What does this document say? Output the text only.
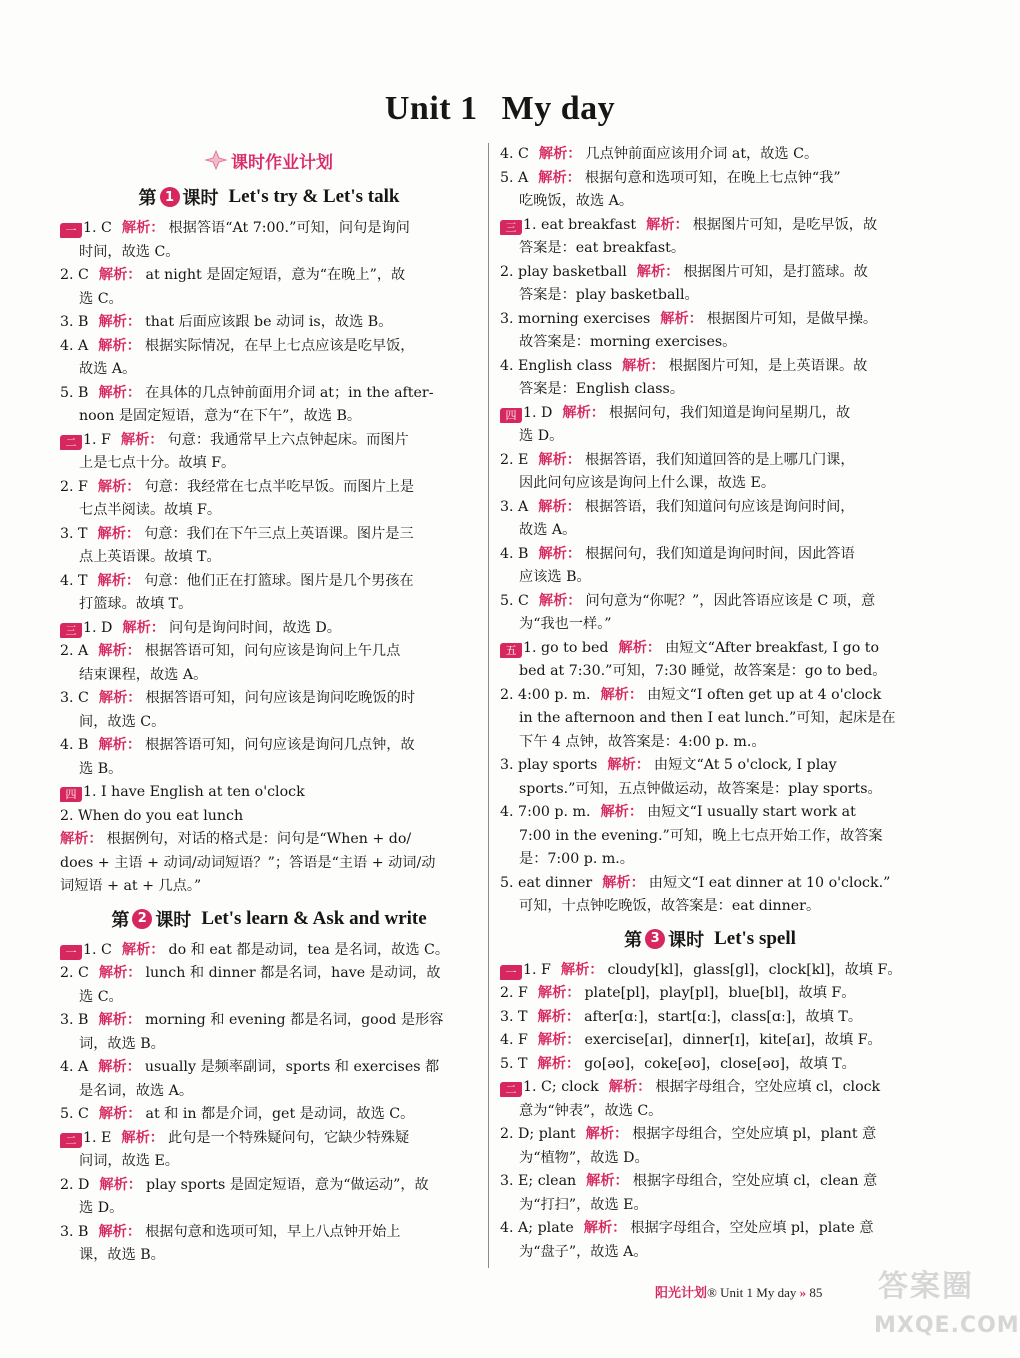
Unit 1 My day
课时作业计划
第 1 课时 Let's try & Let's talk
一 1. C 解析： 根据答语“At 7:00.”可知，问句是询问
时间，故选 C。
2. C 解析： at night 是固定短语，意为“在晚上”，故
选 C。
3. B 解析： that 后面应该跟 be 动词 is，故选 B。
4. A 解析： 根据实际情况，在早上七点应该是吃早饭，
故选 A。
5. B 解析： 在具体的几点钟前面用介词 at；in the after-
noon 是固定短语，意为“在下午”，故选 B。
二 1. F 解析： 句意：我通常早上六点钟起床。而图片
上是七点十分。故填 F。
2. F 解析： 句意：我经常在七点半吃早饭。而图片上是
七点半阅读。故填 F。
3. T 解析： 句意：我们在下午三点上英语课。图片是三
点上英语课。故填 T。
4. T 解析： 句意：他们正在打篮球。图片是几个男孩在
打篮球。故填 T。
三 1. D 解析： 问句是询问时间，故选 D。
2. A 解析： 根据答语可知，问句应该是询问上午几点
结束课程，故选 A。
3. C 解析： 根据答语可知，问句应该是询问吃晚饭的时
间，故选 C。
4. B 解析： 根据答语可知，问句应该是询问几点钟，故
选 B。
四 1. I have English at ten o'clock
2. When do you eat lunch
解析： 根据例句，对话的格式是：问句是“When + do/
does + 主语 + 动词/动词短语？”；答语是“主语 + 动词/动
词短语 + at + 几点。”
第 2 课时 Let's learn & Ask and write
一 1. C 解析： do 和 eat 都是动词，tea 是名词，故选 C。
2. C 解析： lunch 和 dinner 都是名词，have 是动词，故
选 C。
3. B 解析： morning 和 evening 都是名词，good 是形容
词，故选 B。
4. A 解析： usually 是频率副词，sports 和 exercises 都
是名词，故选 A。
5. C 解析： at 和 in 都是介词，get 是动词，故选 C。
二 1. E 解析： 此句是一个特殊疑问句，它缺少特殊疑
问词，故选 E。
2. D 解析： play sports 是固定短语，意为“做运动”，故
选 D。
3. B 解析： 根据句意和选项可知，早上八点钟开始上
课，故选 B。
4. C 解析： 几点钟前面应该用介词 at，故选 C。
5. A 解析： 根据句意和选项可知，在晚上七点钟“我”
吃晚饭，故选 A。
三 1. eat breakfast 解析： 根据图片可知，是吃早饭，故
答案是：eat breakfast。
2. play basketball 解析： 根据图片可知，是打篮球。故
答案是：play basketball。
3. morning exercises 解析： 根据图片可知，是做早操。
故答案是：morning exercises。
4. English class 解析： 根据图片可知，是上英语课。故
答案是：English class。
四 1. D 解析： 根据问句，我们知道是询问星期几，故
选 D。
2. E 解析： 根据答语，我们知道回答的是上哪几门课，
因此问句应该是询问上什么课，故选 E。
3. A 解析： 根据答语，我们知道问句应该是询问时间，
故选 A。
4. B 解析： 根据问句，我们知道是询问时间，因此答语
应该选 B。
5. C 解析： 问句意为“你呢？”，因此答语应该是 C 项，意
为“我也一样。”
五 1. go to bed 解析： 由短文“After breakfast, I go to
bed at 7:30.”可知，7:30 睡觉，故答案是：go to bed。
2. 4:00 p. m. 解析： 由短文“I often get up at 4 o'clock
in the afternoon and then I eat lunch.”可知，起床是在
下午 4 点钟，故答案是：4:00 p. m.。
3. play sports 解析： 由短文“At 5 o'clock, I play
sports.”可知，五点钟做运动，故答案是：play sports。
4. 7:00 p. m. 解析： 由短文“I usually start work at
7:00 in the evening.”可知，晚上七点开始工作，故答案
是：7:00 p. m.。
5. eat dinner 解析： 由短文“I eat dinner at 10 o'clock.”
可知，十点钟吃晚饭，故答案是：eat dinner。
第 3 课时 Let's spell
一 1. F 解析： cloudy[kl]，glass[gl]，clock[kl]，故填 F。
2. F 解析： plate[pl]，play[pl]，blue[bl]，故填 F。
3. T 解析： after[ɑː]，start[ɑː]，class[ɑː]，故填 T。
4. F 解析： exercise[aɪ]，dinner[ɪ]，kite[aɪ]，故填 F。
5. T 解析： go[əʊ]，coke[əʊ]，close[əʊ]，故填 T。
二 1. C; clock 解析： 根据字母组合，空处应填 cl，clock
意为“钟表”，故选 C。
2. D; plant 解析： 根据字母组合，空处应填 pl，plant 意
为“植物”，故选 D。
3. E; clean 解析： 根据字母组合，空处应填 cl，clean 意
为“打扫”，故选 E。
4. A; plate 解析： 根据字母组合，空处应填 pl，plate 意
为“盘子”，故选 A。
阳光计划® Unit 1 My day » 85 答案圈
MXQE.COM
